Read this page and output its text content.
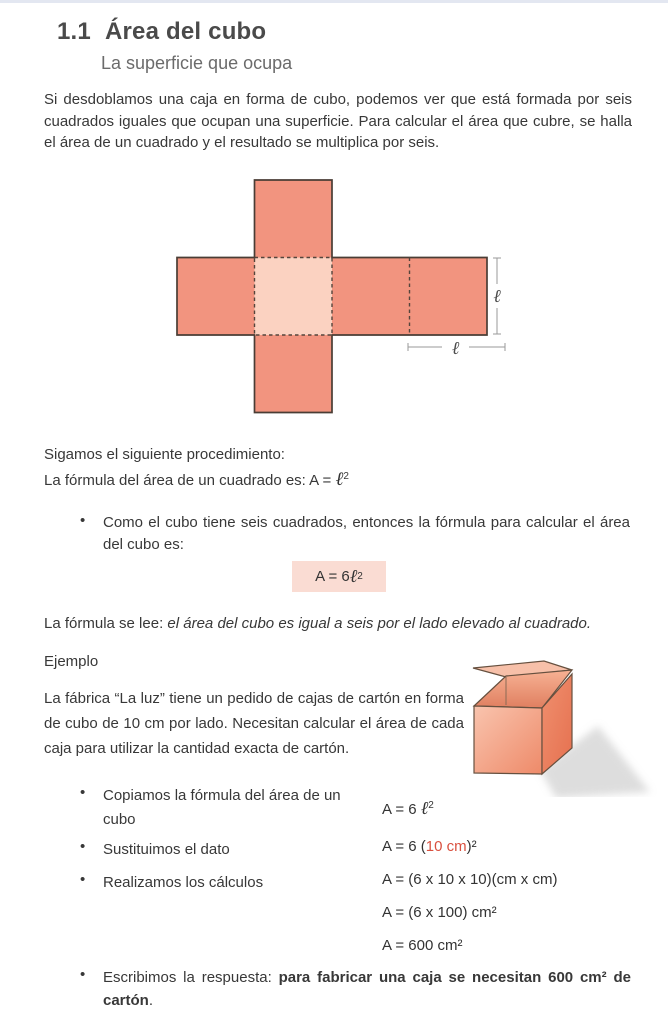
1.1 Área del cubo
La superficie que ocupa
Si desdoblamos una caja en forma de cubo, podemos ver que está formada por seis cuadrados iguales que ocupan una superficie. Para calcular el área que cubre, se halla el área de un cuadrado y el resultado se multiplica por seis.
ℓ
ℓ
Sigamos el siguiente procedimiento:
La fórmula del área de un cuadrado es: A = ℓ$^2$
• Como el cubo tiene seis cuadrados, entonces la fórmula para calcular el área del cubo es:
A = 6 ℓ 2
La fórmula se lee: el área del cubo es igual a seis por el lado elevado al cuadrado.
Ejemplo
La fábrica “La luz” tiene un pedido de cajas de cartón en forma de cubo de 10 cm por lado. Necesitan calcular el área de cada caja para utilizar la cantidad exacta de cartón.
• Copiamos la fórmula del área de un cubo
A = 6 ℓ$^2$
• Sustituimos el dato	A = 6 (10 cm)²
• Realizamos los cálculos	A = (6 x 10 x 10)(cm x cm)
A = (6 x 100) cm²
A = 600 cm²
• Escribimos la respuesta: para fabricar una caja se necesitan 600 cm² de cartón.
